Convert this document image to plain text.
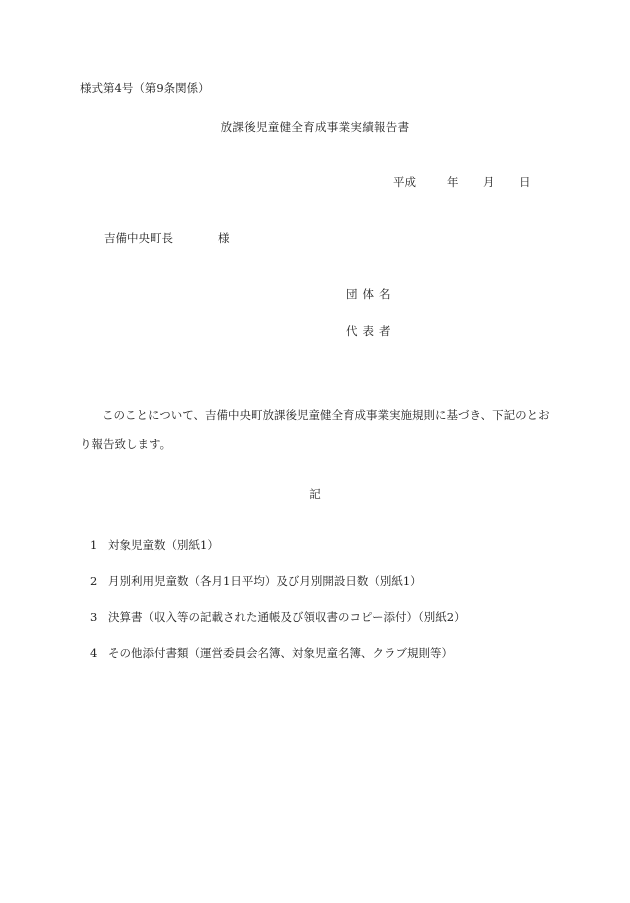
様式第4号（第9条関係）
放課後児童健全育成事業実績報告書
平成	年 月 日
吉備中央町長	様
団体名
代表者
このことについて、吉備中央町放課後児童健全育成事業実施規則に基づき、下記のとおり報告致します。
記
1 対象児童数（別紙1）
2 月別利用児童数（各月1日平均）及び月別開設日数（別紙1）
3 決算書（収入等の記載された通帳及び領収書のコピー添付）（別紙2）
4 その他添付書類（運営委員会名簿、対象児童名簿、クラブ規則等）
